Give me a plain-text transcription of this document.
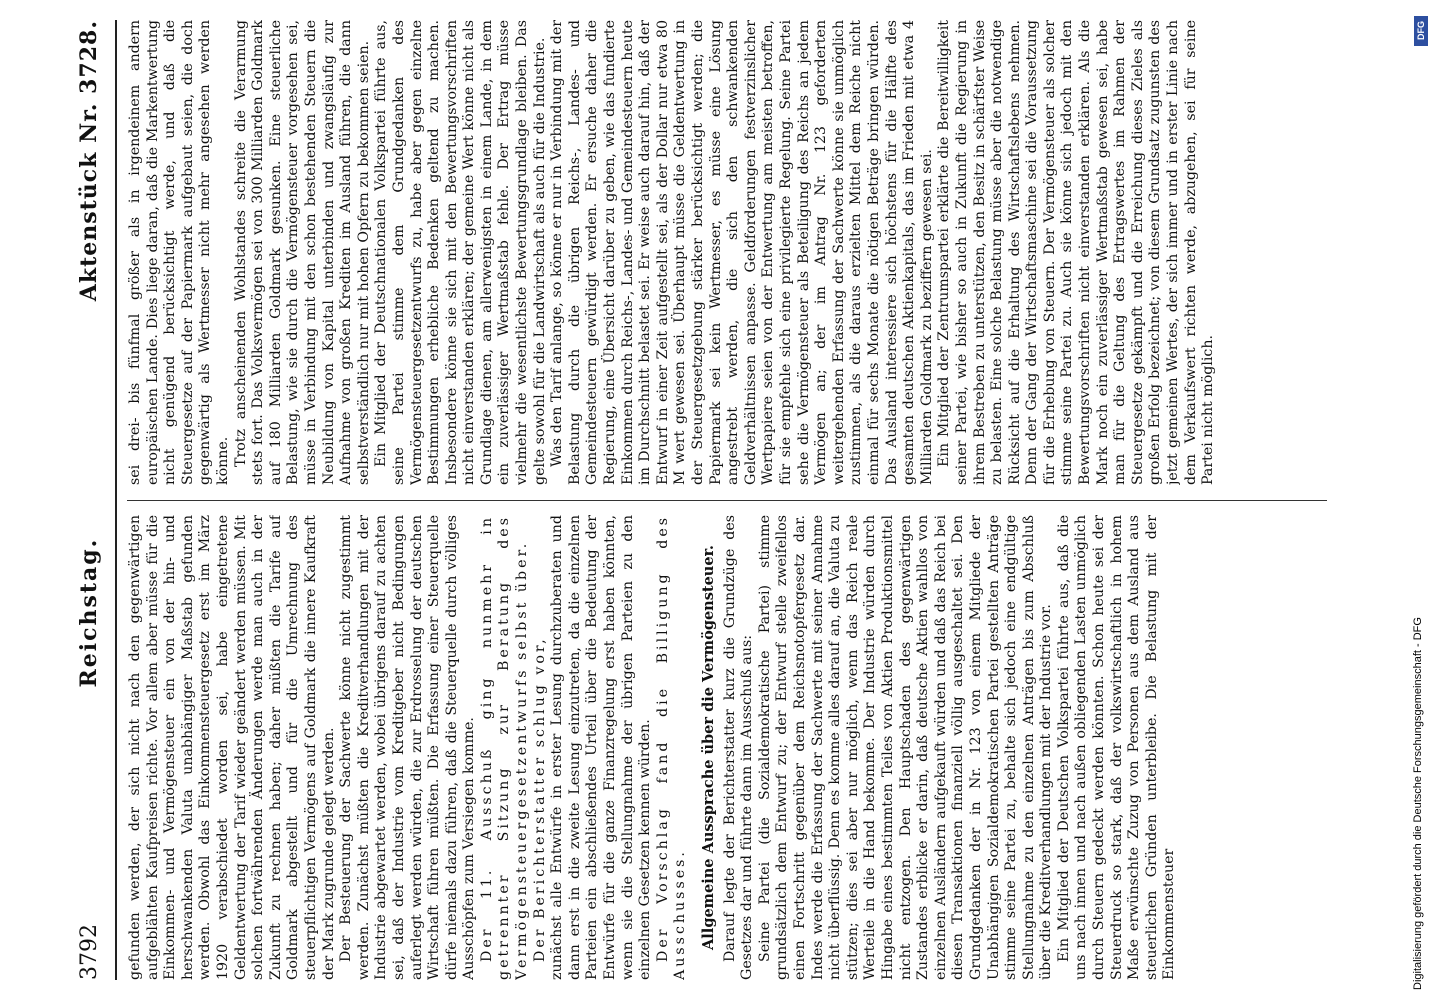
3792
Reichstag.
Aktenstück Nr. 3728.

gefunden werden, der sich nicht nach den gegenwärtigen aufgeblähten Kaufpreisen richte. Vor allem aber müsse für die Einkommen- und Vermögensteuer ein von der hin- und herschwankenden Valuta unabhängiger Maßstab gefunden werden. Obwohl das Einkommensteuergesetz erst im März 1920 verabschiedet worden sei, habe eingetretene Geldentwertung der Tarif wieder geändert werden müssen. Mit solchen fortwährenden Änderungen werde man auch in der Zukunft zu rechnen haben; daher müßten die Tarife auf Goldmark abgestellt und für die Umrechnung des steuerpflichtigen Vermögens auf Goldmark die innere Kaufkraft der Mark zugrunde gelegt werden. Der Besteuerung der Sachwerte könne nicht zugestimmt werden. Zunächst müßten die Kreditverhandlungen mit der Industrie abgewartet werden, wobei übrigens darauf zu achten sei, daß der Industrie vom Kreditgeber nicht Bedingungen auferlegt werden würden, die zur Erdrosselung der deutschen Wirtschaft führen müßten. Die Erfassung einer Steuerquelle dürfe niemals dazu führen, daß die Steuerquelle durch völliges Ausschöpfen zum Versiegen komme. Der 11. Ausschuß ging nunmehr in getrennter Sitzung zur Beratung des Vermögensteuergesetzentwurfs selbst über. Der Berichterstatter schlug vor, zunächst alle Entwürfe in erster Lesung durchzuberaten und dann erst in die zweite Lesung einzutreten, da die einzelnen Parteien ein abschließendes Urteil über die Bedeutung der Entwürfe für die ganze Finanzregelung erst haben könnten, wenn sie die Stellungnahme der übrigen Parteien zu den einzelnen Gesetzen kennen würden. Der Vorschlag fand die Billigung des Ausschusses. Allgemeine Aussprache über die Vermögensteuer. Darauf legte der Berichterstatter kurz die Grundzüge des Gesetzes dar und führte dann im Ausschuß aus: Seine Partei (die Sozialdemokratische Partei) stimme grundsätzlich dem Entwurf zu; der Entwurf stelle zweifellos einen Fortschritt gegenüber dem Reichsnotopfergesetz dar. Indes werde die Erfassung der Sachwerte mit seiner Annahme nicht überflüssig. Denn es komme alles darauf an, die Valuta zu stützen; dies sei aber nur möglich, wenn das Reich reale Werteile in die Hand bekomme. Der Industrie würden durch Hingabe eines bestimmten Teiles von Aktien Produktionsmittel nicht entzogen. Den Hauptschaden des gegenwärtigen Zustandes erblicke er darin, daß deutsche Aktien wahllos von einzelnen Ausländern aufgekauft würden und daß das Reich bei diesen Transaktionen finanziell völlig ausgeschaltet sei. Den Grundgedanken der in Nr. 123 von einem Mitgliede der Unabhängigen Sozialdemokratischen Partei gestellten Anträge stimme seine Partei zu, behalte sich jedoch eine endgültige Stellungnahme zu den einzelnen Anträgen bis zum Abschluß über die Kreditverhandlungen mit der Industrie vor. Ein Mitglied der Deutschen Volkspartei führte aus, daß die uns nach innen und nach außen obliegenden Lasten unmöglich durch Steuern gedeckt werden könnten. Schon heute sei der Steuerdruck so stark, daß der volkswirtschaftlich in hohem Maße erwünschte Zuzug von Personen aus dem Ausland aus steuerlichen Gründen unterbleibe. Die Belastung mit der Einkommensteuer

sei drei- bis fünfmal größer als in irgendeinem andern europäischen Lande. Dies liege daran, daß die Markentwertung nicht genügend berücksichtigt werde, und daß die Steuergesetze auf der Papiermark aufgebaut seien, die doch gegenwärtig als Wertmesser nicht mehr angesehen werden könne. Trotz anscheinenden Wohlstandes schreite die Verarmung stets fort. Das Volksvermögen sei von 300 Milliarden Goldmark auf 180 Milliarden Goldmark gesunken. Eine steuerliche Belastung, wie sie durch die Vermögensteuer vorgesehen sei, müsse in Verbindung mit den schon bestehenden Steuern die Neubildung von Kapital unterbinden und zwangsläufig zur Aufnahme von großen Krediten im Ausland führen, die dann selbstverständlich nur mit hohen Opfern zu bekommen seien. Ein Mitglied der Deutschnationalen Volkspartei führte aus, seine Partei stimme dem Grundgedanken des Vermögensteuergesetzentwurfs zu, habe aber gegen einzelne Bestimmungen erhebliche Bedenken geltend zu machen. Insbesondere könne sie sich mit den Bewertungsvorschriften nicht einverstanden erklären; der gemeine Wert könne nicht als Grundlage dienen, am allerwenigsten in einem Lande, in dem ein zuverlässiger Wertmaßstab fehle. Der Ertrag müsse vielmehr die wesentlichste Bewertungsgrundlage bleiben. Das gelte sowohl für die Landwirtschaft als auch für die Industrie. Was den Tarif anlange, so könne er nur in Verbindung mit der Belastung durch die übrigen Reichs-, Landes- und Gemeindesteuern gewürdigt werden. Er ersuche daher die Regierung, eine Übersicht darüber zu geben, wie das fundierte Einkommen durch Reichs-, Landes- und Gemeindesteuern heute im Durchschnitt belastet sei. Er weise auch darauf hin, daß der Entwurf in einer Zeit aufgestellt sei, als der Dollar nur etwa 80 M wert gewesen sei. Überhaupt müsse die Geldentwertung in der Steuergesetzgebung stärker berücksichtigt werden; die Papiermark sei kein Wertmesser, es müsse eine Lösung angestrebt werden, die sich den schwankenden Geldverhältnissen anpasse. Geldforderungen festverzinslicher Wertpapiere seien von der Entwertung am meisten betroffen, für sie empfehle sich eine privilegierte Regelung. Seine Partei sehe die Vermögensteuer als Beteiligung des Reichs an jedem Vermögen an; der im Antrag Nr. 123 geforderten weitergehenden Erfassung der Sachwerte könne sie unmöglich zustimmen, als die daraus erzielten Mittel dem Reiche nicht einmal für sechs Monate die nötigen Beträge bringen würden. Das Ausland interessiere sich höchstens für die Hälfte des gesamten deutschen Aktienkapitals, das im Frieden mit etwa 4 Milliarden Goldmark zu beziffern gewesen sei. Ein Mitglied der Zentrumspartei erklärte die Bereitwilligkeit seiner Partei, wie bisher so auch in Zukunft die Regierung in ihrem Bestreben zu unterstützen, den Besitz in schärfster Weise zu belasten. Eine solche Belastung müsse aber die notwendige Rücksicht auf die Erhaltung des Wirtschaftslebens nehmen. Denn der Gang der Wirtschaftsmaschine sei die Voraussetzung für die Erhebung von Steuern. Der Vermögensteuer als solcher stimme seine Partei zu. Auch sie könne sich jedoch mit den Bewertungsvorschriften nicht einverstanden erklären. Als die Mark noch ein zuverlässiger Wertmaßstab gewesen sei, habe man für die Geltung des Ertragswertes im Rahmen der Steuergesetze gekämpft und die Erreichung dieses Zieles als großen Erfolg bezeichnet; von diesem Grundsatz zugunsten des jetzt gemeinen Wertes, der sich immer und in erster Linie nach dem Verkaufswert richten werde, abzugehen, sei für seine Partei nicht möglich.

Digitalisierung gefördert durch die Deutsche Forschungsgemeinschaft - DFG
DFG
